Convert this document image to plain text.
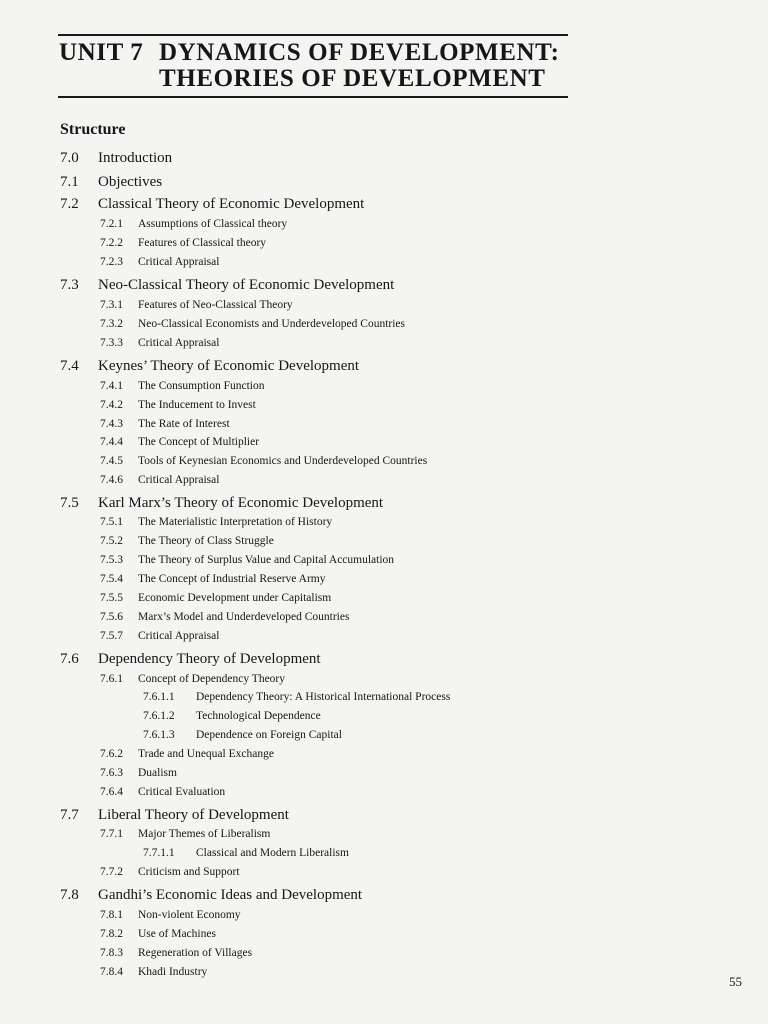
UNIT 7 DYNAMICS OF DEVELOPMENT:
THEORIES OF DEVELOPMENT
Structure
7.0 Introduction
7.1 Objectives
7.2 Classical Theory of Economic Development
7.2.1 Assumptions of Classical theory
7.2.2 Features of Classical theory
7.2.3 Critical Appraisal
7.3 Neo-Classical Theory of Economic Development
7.3.1 Features of Neo-Classical Theory
7.3.2 Neo-Classical Economists and Underdeveloped Countries
7.3.3 Critical Appraisal
7.4 Keynes’ Theory of Economic Development
7.4.1 The Consumption Function
7.4.2 The Inducement to Invest
7.4.3 The Rate of Interest
7.4.4 The Concept of Multiplier
7.4.5 Tools of Keynesian Economics and Underdeveloped Countries
7.4.6 Critical Appraisal
7.5 Karl Marx’s Theory of Economic Development
7.5.1 The Materialistic Interpretation of History
7.5.2 The Theory of Class Struggle
7.5.3 The Theory of Surplus Value and Capital Accumulation
7.5.4 The Concept of Industrial Reserve Army
7.5.5 Economic Development under Capitalism
7.5.6 Marx’s Model and Underdeveloped Countries
7.5.7 Critical Appraisal
7.6 Dependency Theory of Development
7.6.1 Concept of Dependency Theory
7.6.1.1 Dependency Theory: A Historical International Process
7.6.1.2 Technological Dependence
7.6.1.3 Dependence on Foreign Capital
7.6.2 Trade and Unequal Exchange
7.6.3 Dualism
7.6.4 Critical Evaluation
7.7 Liberal Theory of Development
7.7.1 Major Themes of Liberalism
7.7.1.1 Classical and Modern Liberalism
7.7.2 Criticism and Support
7.8 Gandhi’s Economic Ideas and Development
7.8.1 Non-violent Economy
7.8.2 Use of Machines
7.8.3 Regeneration of Villages
7.8.4 Khadi Industry
55
